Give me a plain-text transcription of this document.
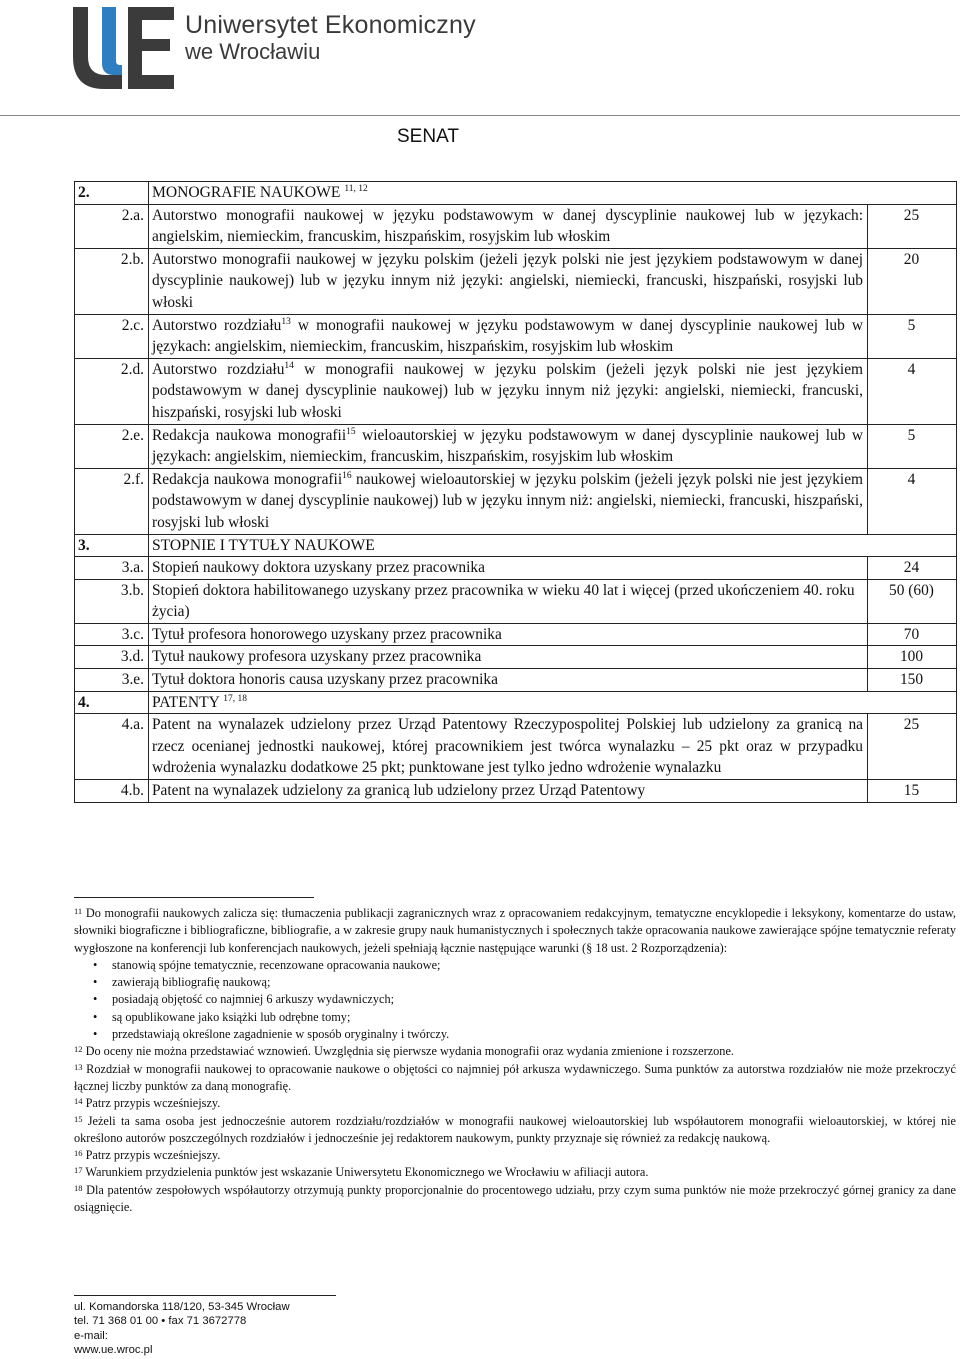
Uniwersytet Ekonomiczny
we Wrocławiu
SENAT
2.	MONOGRAFIE NAUKOWE $^{11, 12}$
2.a.	Autorstwo monografii naukowej w języku podstawowym w danej dyscyplinie naukowej lub w językach: angielskim, niemieckim, francuskim, hiszpańskim, rosyjskim lub włoskim	25
2.b.	Autorstwo monografii naukowej w języku polskim (jeżeli język polski nie jest językiem podstawowym w danej dyscyplinie naukowej) lub w języku innym niż języki: angielski, niemiecki, francuski, hiszpański, rosyjski lub włoski	20
2.c.	Autorstwo rozdziału$^{13}$ w monografii naukowej w języku podstawowym w danej dyscyplinie naukowej lub w językach: angielskim, niemieckim, francuskim, hiszpańskim, rosyjskim lub włoskim	5
2.d.	Autorstwo rozdziału$^{14}$ w monografii naukowej w języku polskim (jeżeli język polski nie jest językiem podstawowym w danej dyscyplinie naukowej) lub w języku innym niż języki: angielski, niemiecki, francuski, hiszpański, rosyjski lub włoski	4
2.e.	Redakcja naukowa monografii$^{15}$ wieloautorskiej w języku podstawowym w danej dyscyplinie naukowej lub w językach: angielskim, niemieckim, francuskim, hiszpańskim, rosyjskim lub włoskim	5
2.f.	Redakcja naukowa monografii$^{16}$ naukowej wieloautorskiej w języku polskim (jeżeli język polski nie jest językiem podstawowym w danej dyscyplinie naukowej) lub w języku innym niż: angielski, niemiecki, francuski, hiszpański, rosyjski lub włoski	4
3.	STOPNIE I TYTUŁY NAUKOWE	
3.a.	Stopień naukowy doktora uzyskany przez pracownika	24
3.b.	Stopień doktora habilitowanego uzyskany przez pracownika w wieku 40 lat i więcej (przed ukończeniem 40. roku życia)	50 (60)
3.c.	Tytuł profesora honorowego uzyskany przez pracownika	70
3.d.	Tytuł naukowy profesora uzyskany przez pracownika	100
3.e.	Tytuł doktora honoris causa uzyskany przez pracownika	150
4.	PATENTY $^{17, 18}$
4.a.	Patent na wynalazek udzielony przez Urząd Patentowy Rzeczypospolitej Polskiej lub udzielony za granicą na rzecz ocenianej jednostki naukowej, której pracownikiem jest twórca wynalazku – 25 pkt oraz w przypadku wdrożenia wynalazku dodatkowe 25 pkt; punktowane jest tylko jedno wdrożenie wynalazku	25
4.b.	Patent na wynalazek udzielony za granicą lub udzielony przez Urząd Patentowy	15

$^{11}$ Do monografii naukowych zalicza się: tłumaczenia publikacji zagranicznych wraz z opracowaniem redakcyjnym, tematyczne encyklopedie i leksykony, komentarze do ustaw, słowniki biograficzne i bibliograficzne, bibliografie, a w zakresie grupy nauk humanistycznych i społecznych także opracowania naukowe zawierające spójne tematycznie referaty wygłoszone na konferencji lub konferencjach naukowych, jeżeli spełniają łącznie następujące warunki (§ 18 ust. 2 Rozporządzenia):

• stanowią spójne tematycznie, recenzowane opracowania naukowe;
• zawierają bibliografię naukową;
• posiadają objętość co najmniej 6 arkuszy wydawniczych;
• są opublikowane jako książki lub odrębne tomy;
• przedstawiają określone zagadnienie w sposób oryginalny i twórczy.

$^{12}$ Do oceny nie można przedstawiać wznowień. Uwzględnia się pierwsze wydania monografii oraz wydania zmienione i rozszerzone.

$^{13}$ Rozdział w monografii naukowej to opracowanie naukowe o objętości co najmniej pół arkusza wydawniczego. Suma punktów za autorstwa rozdziałów nie może przekroczyć łącznej liczby punktów za daną monografię.

$^{14}$ Patrz przypis wcześniejszy.

$^{15}$ Jeżeli ta sama osoba jest jednocześnie autorem rozdziału/rozdziałów w monografii naukowej wieloautorskiej lub współautorem monografii wieloautorskiej, w której nie określono autorów poszczególnych rozdziałów i jednocześnie jej redaktorem naukowym, punkty przyznaje się również za redakcję naukową.

$^{16}$ Patrz przypis wcześniejszy.

$^{17}$ Warunkiem przydzielenia punktów jest wskazanie Uniwersytetu Ekonomicznego we Wrocławiu w afiliacji autora.

$^{18}$ Dla patentów zespołowych współautorzy otrzymują punkty proporcjonalnie do procentowego udziału, przy czym suma punktów nie może przekroczyć górnej granicy za dane osiągnięcie.

ul. Komandorska 118/120, 53-345 Wrocław
tel. 71 368 01 00 • fax 71 3672778
e-mail:
www.ue.wroc.pl
